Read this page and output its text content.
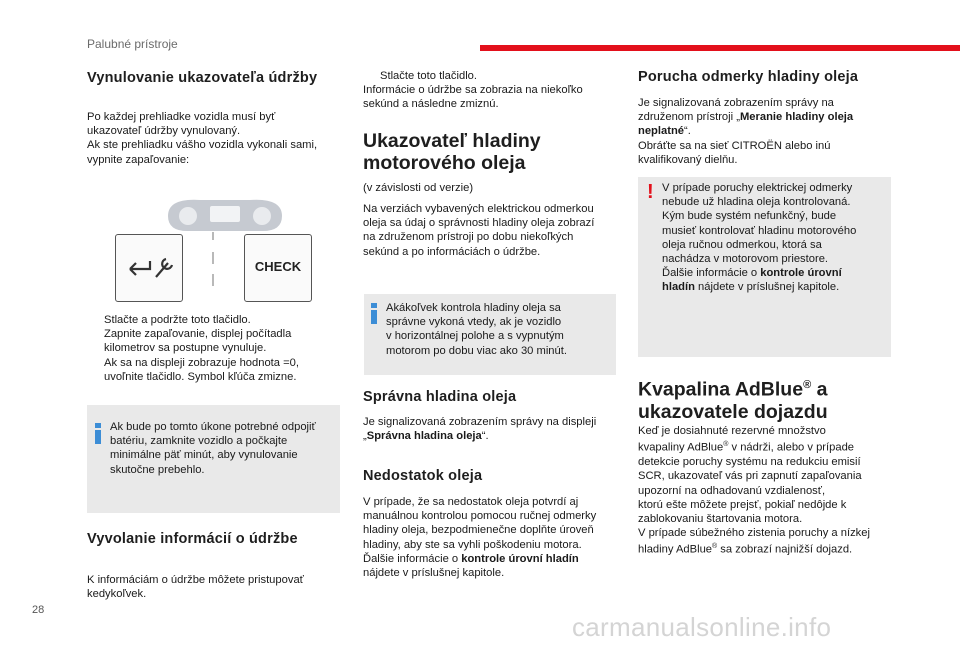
Palubné prístroje
Vynulovanie ukazovateľa údržby

Po každej prehliadke vozidla musí byť

ukazovateľ údržby vynulovaný.

Ak ste prehliadku vášho vozidla vykonali sami,

vypnite zapaľovanie:

CHECK
Stlačte a podržte toto tlačidlo.
Zapnite zapaľovanie, displej počítadla
kilometrov sa postupne vynuluje.
Ak sa na displeji zobrazuje hodnota =0,
uvoľnite tlačidlo. Symbol kľúča zmizne.

Ak bude po tomto úkone potrebné odpojiť

batériu, zamknite vozidlo a počkajte

minimálne päť minút, aby vynulovanie

skutočne prebehlo.

Vyvolanie informácií o údržbe

K informáciám o údržbe môžete pristupovať

kedykoľvek.

Stlačte toto tlačidlo.

Informácie o údržbe sa zobrazia na niekoľko

sekúnd a následne zmiznú.

Ukazovateľ hladiny
motorového oleja

(v závislosti od verzie)

Na verziách vybavených elektrickou odmerkou

oleja sa údaj o správnosti hladiny oleja zobrazí

na združenom prístroji po dobu niekoľkých

sekúnd a po informáciách o údržbe.

Akákoľvek kontrola hladiny oleja sa

správne vykoná vtedy, ak je vozidlo

v horizontálnej polohe a s vypnutým

motorom po dobu viac ako 30 minút.

Správna hladina oleja

Je signalizovaná zobrazením správy na displeji

„Správna hladina oleja“.

Nedostatok oleja

V prípade, že sa nedostatok oleja potvrdí aj

manuálnou kontrolou pomocou ručnej odmerky

hladiny oleja, bezpodmienečne doplňte úroveň

hladiny, aby ste sa vyhli poškodeniu motora.

Ďalšie informácie o kontrole úrovní hladín

nájdete v príslušnej kapitole.

Porucha odmerky hladiny oleja

Je signalizovaná zobrazením správy na

združenom prístroji „Meranie hladiny oleja

neplatné“.

Obráťte sa na sieť CITROËN alebo inú

kvalifikovaný dielňu.

! V prípade poruchy elektrickej odmerky

nebude už hladina oleja kontrolovaná.

Kým bude systém nefunkčný, bude

musieť kontrolovať hladinu motorového

oleja ručnou odmerkou, ktorá sa

nachádza v motorovom priestore.

Ďalšie informácie o kontrole úrovní

hladín nájdete v príslušnej kapitole.

Kvapalina AdBlue® a
ukazovatele dojazdu

Keď je dosiahnuté rezervné množstvo

kvapaliny AdBlue® v nádrži, alebo v prípade

detekcie poruchy systému na redukciu emisií

SCR, ukazovateľ vás pri zapnutí zapaľovania

upozorní na odhadovanú vzdialenosť,

ktorú ešte môžete prejsť, pokiaľ nedôjde k

zablokovaniu štartovania motora.

V prípade súbežného zistenia poruchy a nízkej

hladiny AdBlue® sa zobrazí najnižší dojazd.

28
carmanualsonline.info
